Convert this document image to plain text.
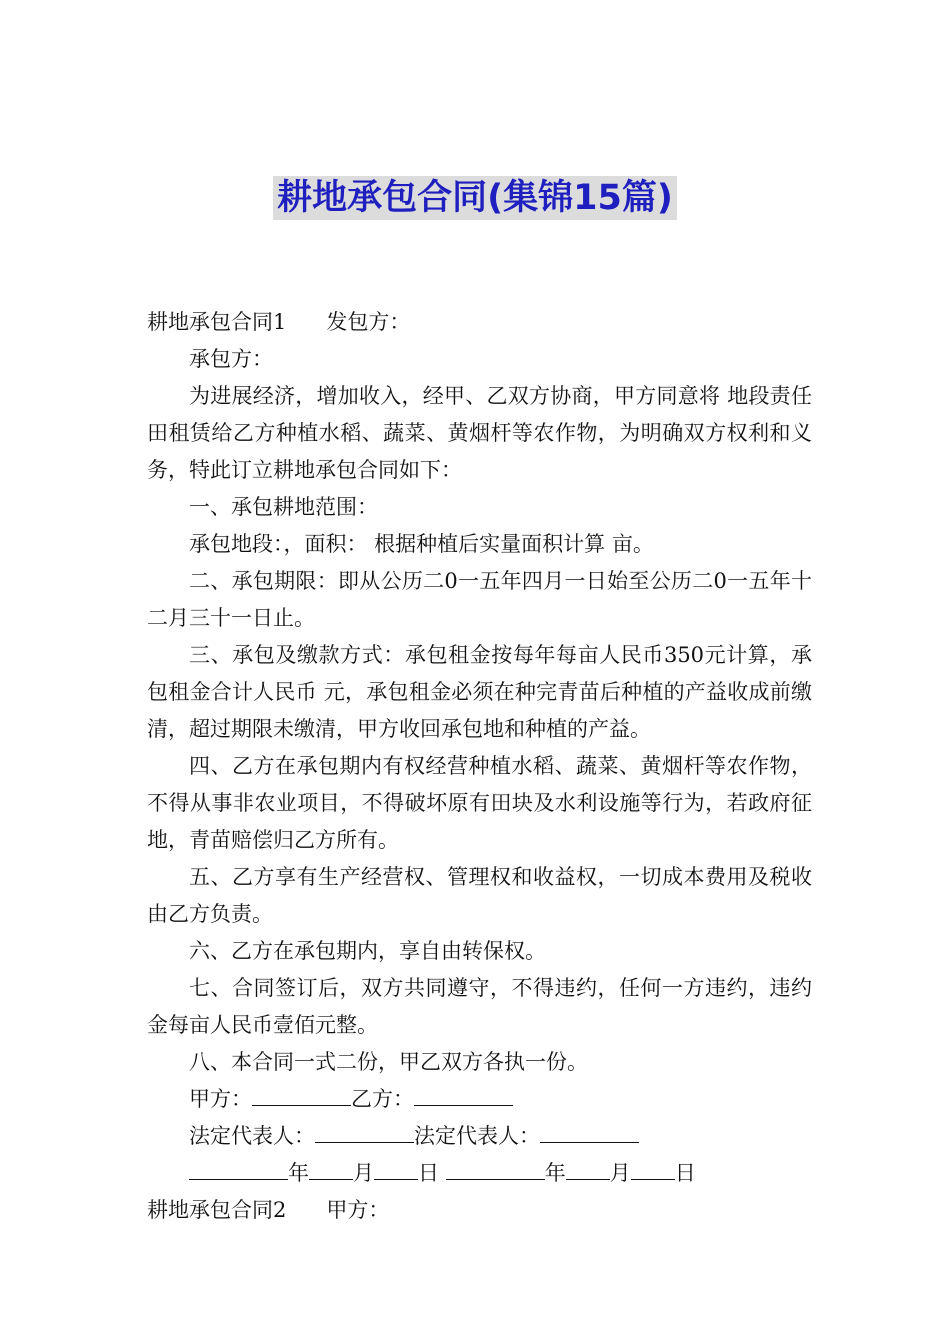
耕地承包合同(集锦15篇)

耕地承包合同1 发包方：

承包方：

为进展经济，增加收入，经甲、乙双方协商，甲方同意将 地段责任田租赁给乙方种植水稻、蔬菜、黄烟杆等农作物，为明确双方权利和义务，特此订立耕地承包合同如下：

一、承包耕地范围：

承包地段：，面积： 根据种植后实量面积计算 亩。

二、承包期限：即从公历二0一五年四月一日始至公历二0一五年十二月三十一日止。

三、承包及缴款方式：承包租金按每年每亩人民币350元计算，承包租金合计人民币 元，承包租金必须在种完青苗后种植的产益收成前缴清，超过期限未缴清，甲方收回承包地和种植的产益。

四、乙方在承包期内有权经营种植水稻、蔬菜、黄烟杆等农作物，不得从事非农业项目，不得破坏原有田块及水利设施等行为，若政府征地，青苗赔偿归乙方所有。

五、乙方享有生产经营权、管理权和收益权，一切成本费用及税收由乙方负责。

六、乙方在承包期内，享自由转保权。

七、合同签订后，双方共同遵守，不得违约，任何一方违约，违约金每亩人民币壹佰元整。

八、本合同一式二份，甲乙双方各执一份。

甲方：	乙方：

法定代表人：	法定代表人：

年 月 日	年 月 日

耕地承包合同2 甲方：
